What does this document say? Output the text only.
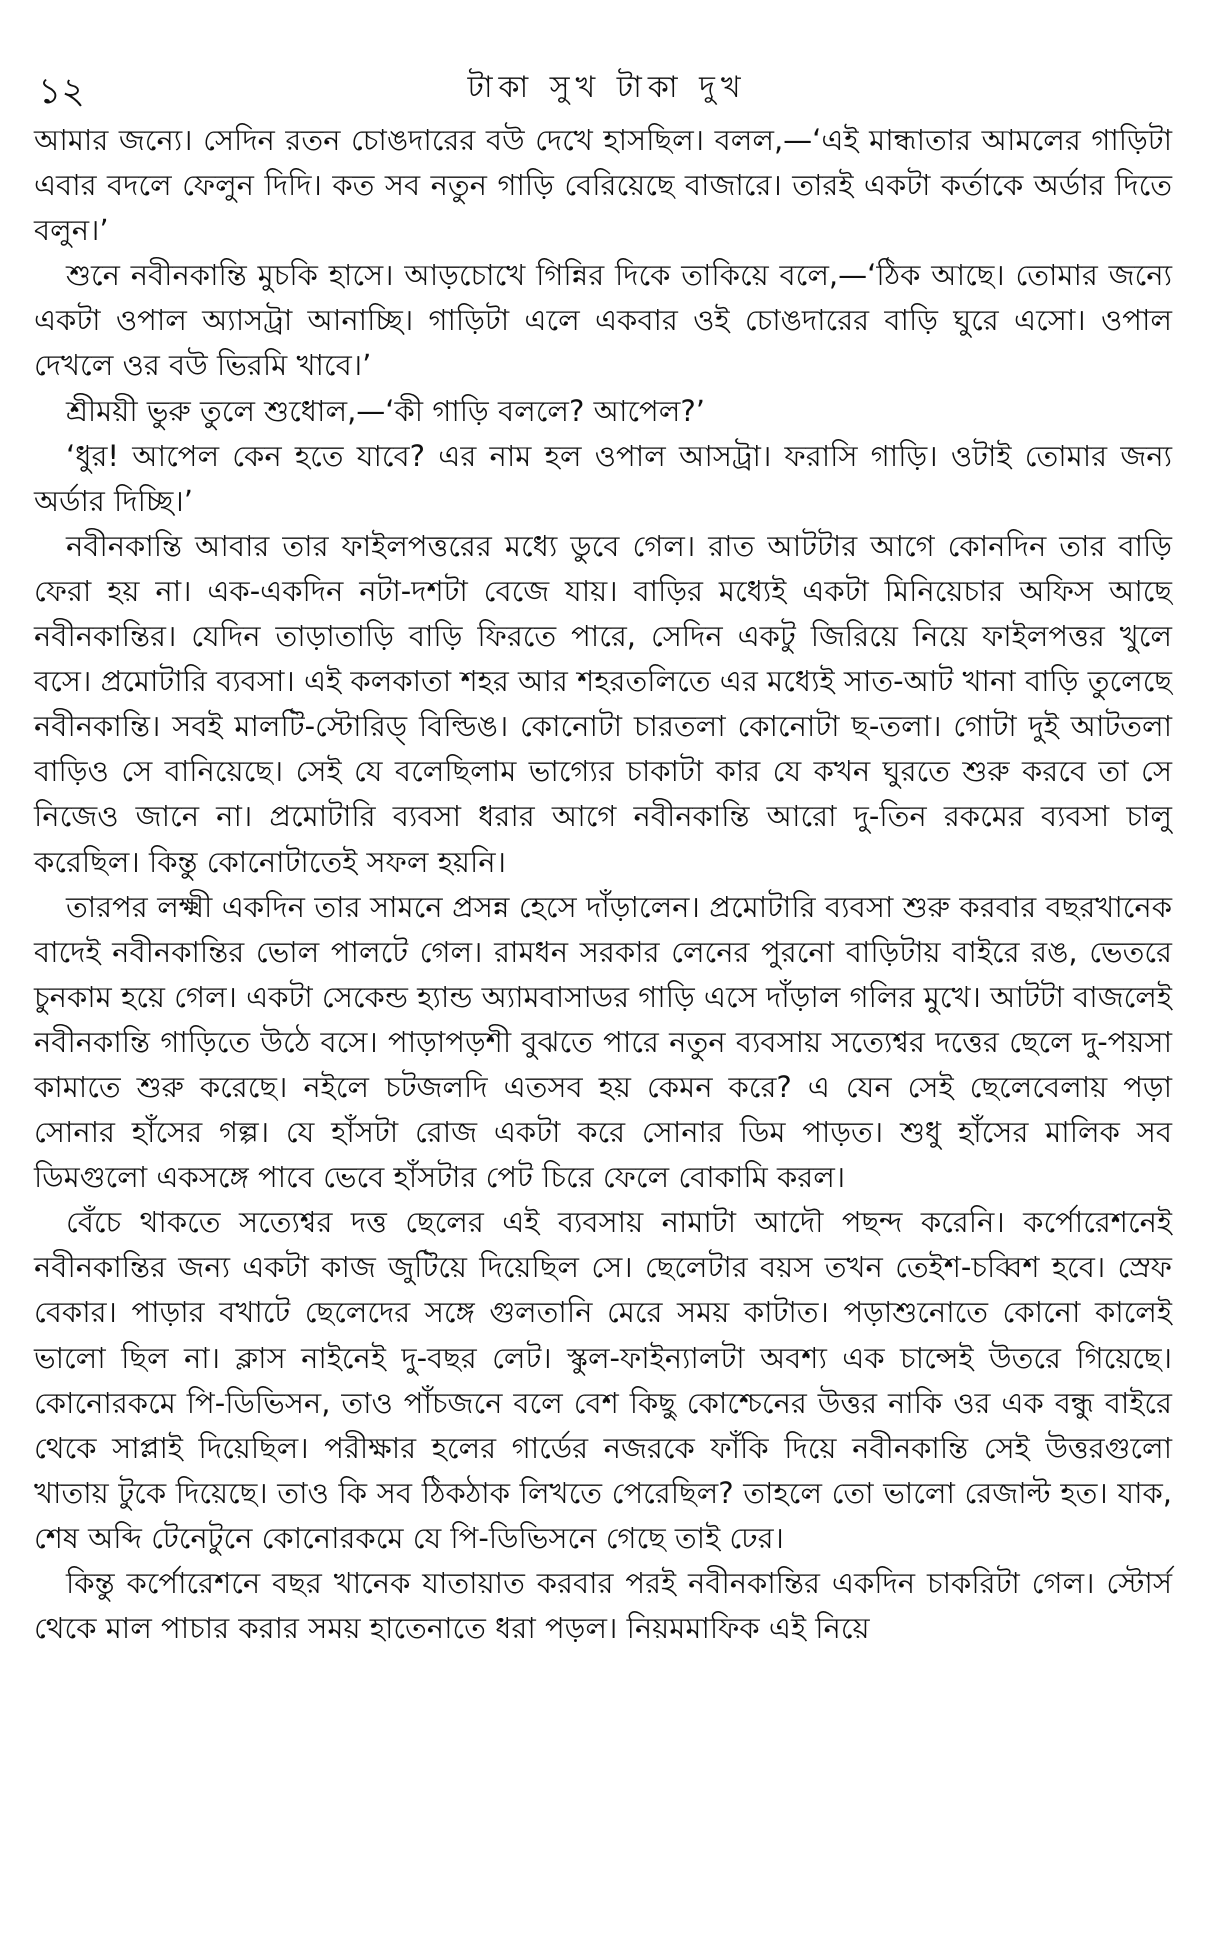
১২	টাকা সুখ টাকা দুখ

আমার জন্যে। সেদিন রতন চোঙদারের বউ দেখে হাসছিল। বলল,—‘এই মান্ধাতার আমলের গাড়িটা এবার বদলে ফেলুন দিদি। কত সব নতুন গাড়ি বেরিয়েছে বাজারে। তারই একটা কর্তাকে অর্ডার দিতে বলুন।’

শুনে নবীনকান্তি মুচকি হাসে। আড়চোখে গিন্নির দিকে তাকিয়ে বলে,—‘ঠিক আছে। তোমার জন্যে একটা ওপাল অ্যাসট্রা আনাচ্ছি। গাড়িটা এলে একবার ওই চোঙদারের বাড়ি ঘুরে এসো। ওপাল দেখলে ওর বউ ভিরমি খাবে।’

শ্রীময়ী ভুরু তুলে শুধোল,—‘কী গাড়ি বললে? আপেল?’

‘ধুর! আপেল কেন হতে যাবে? এর নাম হল ওপাল আসট্রা। ফরাসি গাড়ি। ওটাই তোমার জন্য অর্ডার দিচ্ছি।’

নবীনকান্তি আবার তার ফাইলপত্তরের মধ্যে ডুবে গেল। রাত আটটার আগে কোনদিন তার বাড়ি ফেরা হয় না। এক-একদিন নটা-দশটা বেজে যায়। বাড়ির মধ্যেই একটা মিনিয়েচার অফিস আছে নবীনকান্তির। যেদিন তাড়াতাড়ি বাড়ি ফিরতে পারে, সেদিন একটু জিরিয়ে নিয়ে ফাইলপত্তর খুলে বসে। প্রমোটারি ব্যবসা। এই কলকাতা শহর আর শহরতলিতে এর মধ্যেই সাত-আট খানা বাড়ি তুলেছে নবীনকান্তি। সবই মালটি-স্টোরিড্ বিল্ডিঙ। কোনোটা চারতলা কোনোটা ছ-তলা। গোটা দুই আটতলা বাড়িও সে বানিয়েছে। সেই যে বলেছিলাম ভাগ্যের চাকাটা কার যে কখন ঘুরতে শুরু করবে তা সে নিজেও জানে না। প্রমোটারি ব্যবসা ধরার আগে নবীনকান্তি আরো দু-তিন রকমের ব্যবসা চালু করেছিল। কিন্তু কোনোটাতেই সফল হয়নি।

তারপর লক্ষ্মী একদিন তার সামনে প্রসন্ন হেসে দাঁড়ালেন। প্রমোটারি ব্যবসা শুরু করবার বছরখানেক বাদেই নবীনকান্তির ভোল পালটে গেল। রামধন সরকার লেনের পুরনো বাড়িটায় বাইরে রঙ, ভেতরে চুনকাম হয়ে গেল। একটা সেকেন্ড হ্যান্ড অ্যামবাসাডর গাড়ি এসে দাঁড়াল গলির মুখে। আটটা বাজলেই নবীনকান্তি গাড়িতে উঠে বসে। পাড়াপড়শী বুঝতে পারে নতুন ব্যবসায় সত্যেশ্বর দত্তের ছেলে দু-পয়সা কামাতে শুরু করেছে। নইলে চটজলদি এতসব হয় কেমন করে? এ যেন সেই ছেলেবেলায় পড়া সোনার হাঁসের গল্প। যে হাঁসটা রোজ একটা করে সোনার ডিম পাড়ত। শুধু হাঁসের মালিক সব ডিমগুলো একসঙ্গে পাবে ভেবে হাঁসটার পেট চিরে ফেলে বোকামি করল।

বেঁচে থাকতে সত্যেশ্বর দত্ত ছেলের এই ব্যবসায় নামাটা আদৌ পছন্দ করেনি। কর্পোরেশনেই নবীনকান্তির জন্য একটা কাজ জুটিয়ে দিয়েছিল সে। ছেলেটার বয়স তখন তেইশ-চব্বিশ হবে। স্রেফ বেকার। পাড়ার বখাটে ছেলেদের সঙ্গে গুলতানি মেরে সময় কাটাত। পড়াশুনোতে কোনো কালেই ভালো ছিল না। ক্লাস নাইনেই দু-বছর লেট। স্কুল-ফাইন্যালটা অবশ্য এক চান্সেই উতরে গিয়েছে। কোনোরকমে পি-ডিভিসন, তাও পাঁচজনে বলে বেশ কিছু কোশ্চেনের উত্তর নাকি ওর এক বন্ধু বাইরে থেকে সাপ্লাই দিয়েছিল। পরীক্ষার হলের গার্ডের নজরকে ফাঁকি দিয়ে নবীনকান্তি সেই উত্তরগুলো খাতায় টুকে দিয়েছে। তাও কি সব ঠিকঠাক লিখতে পেরেছিল? তাহলে তো ভালো রেজাল্ট হত। যাক, শেষ অব্দি টেনেটুনে কোনোরকমে যে পি-ডিভিসনে গেছে তাই ঢের।

কিন্তু কর্পোরেশনে বছর খানেক যাতায়াত করবার পরই নবীনকান্তির একদিন চাকরিটা গেল। স্টোর্স থেকে মাল পাচার করার সময় হাতেনাতে ধরা পড়ল। নিয়মমাফিক এই নিয়ে
